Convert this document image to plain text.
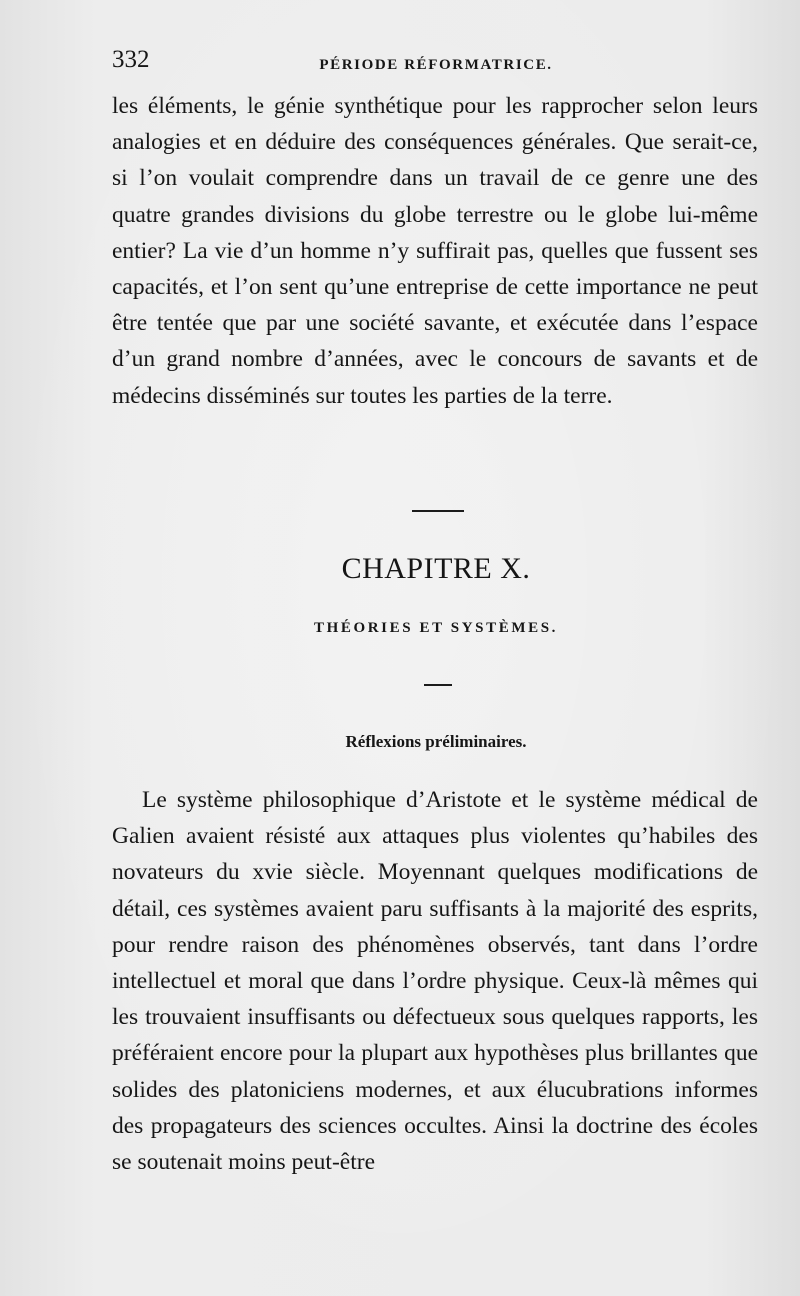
332	PÉRIODE RÉFORMATRICE.

les éléments, le génie synthétique pour les rapprocher selon leurs analogies et en déduire des conséquences générales. Que serait-ce, si l’on voulait comprendre dans un travail de ce genre une des quatre grandes divisions du globe terrestre ou le globe lui-même entier? La vie d’un homme n’y suffirait pas, quelles que fussent ses capacités, et l’on sent qu’une entreprise de cette importance ne peut être tentée que par une société savante, et exécutée dans l’espace d’un grand nombre d’années, avec le concours de savants et de médecins disséminés sur toutes les parties de la terre.

CHAPITRE X.
THÉORIES ET SYSTÈMES.
Réflexions préliminaires.

Le système philosophique d’Aristote et le système médical de Galien avaient résisté aux attaques plus violentes qu’habiles des novateurs du xvie siècle. Moyennant quelques modifications de détail, ces systèmes avaient paru suffisants à la majorité des esprits, pour rendre raison des phénomènes observés, tant dans l’ordre intellectuel et moral que dans l’ordre physique. Ceux-là mêmes qui les trouvaient insuffisants ou défectueux sous quelques rapports, les préféraient encore pour la plupart aux hypothèses plus brillantes que solides des platoniciens modernes, et aux élucubrations informes des propagateurs des sciences occultes. Ainsi la doctrine des écoles se soutenait moins peut-être
